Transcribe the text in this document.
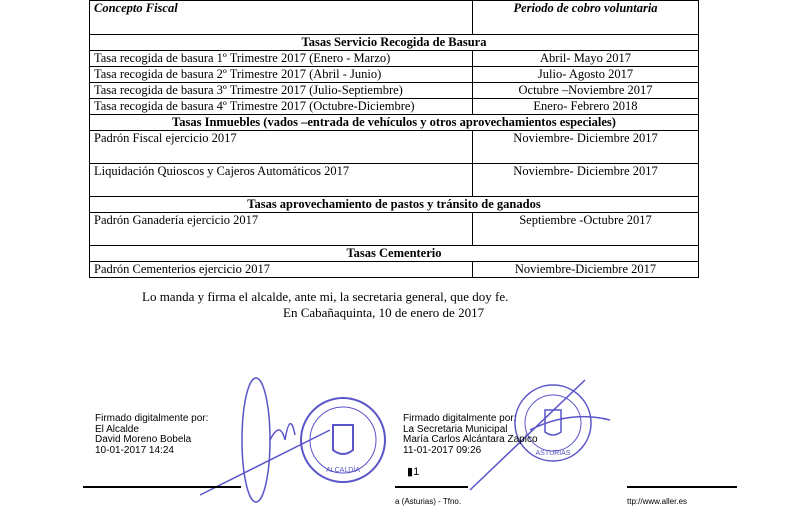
Concepto Fiscal	Periodo de cobro voluntaria
Tasas Servicio Recogida de Basura	
Tasa recogida de basura 1º Trimestre 2017 (Enero - Marzo)	Abril- Mayo 2017
Tasa recogida de basura 2º Trimestre 2017 (Abril - Junio)	Julio- Agosto 2017
Tasa recogida de basura 3º Trimestre 2017 (Julio-Septiembre)	Octubre –Noviembre 2017
Tasa recogida de basura 4º Trimestre 2017 (Octubre-Diciembre)	Enero- Febrero 2018
Tasas Inmuebles (vados –entrada de vehículos y otros aprovechamientos especiales)	
Padrón Fiscal ejercicio 2017	Noviembre- Diciembre 2017
Liquidación Quioscos y Cajeros Automáticos 2017	Noviembre- Diciembre 2017
Tasas aprovechamiento de pastos y tránsito de ganados	
Padrón Ganadería ejercicio 2017	Septiembre -Octubre 2017
Tasas Cementerio	
Padrón Cementerios ejercicio 2017	Noviembre-Diciembre 2017
Lo manda y firma el alcalde, ante mi, la secretaria general, que doy fe.
En Cabañaquinta, 10 de enero de 2017
ALCALDÍA
ASTURIAS
Firmado digitalmente por:
El Alcalde
David Moreno Bobela
10-01-2017 14:24
Firmado digitalmente por:
La Secretaria Municipal
María Carlos Alcántara Zapico
11-01-2017 09:26
▮1
a (Asturias) - Tfno.	ttp://www.aller.es
